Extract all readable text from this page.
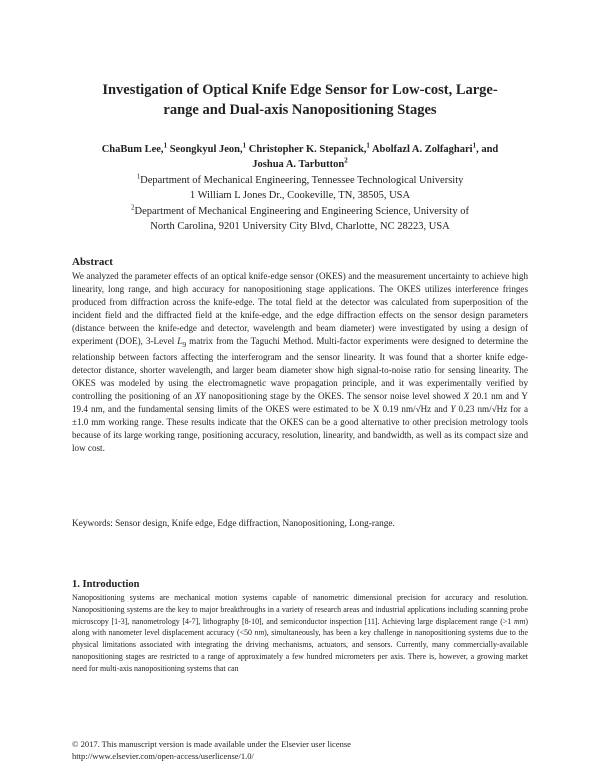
Investigation of Optical Knife Edge Sensor for Low-cost, Large-
range and Dual-axis Nanopositioning Stages
ChaBum Lee,$^1$ Seongkyul Jeon,$^1$ Christopher K. Stepanick,$^1$ Abolfazl A. Zolfaghari$^1$, and
Joshua A. Tarbutton$^2$
$^1$Department of Mechanical Engineering, Tennessee Technological University
1 William L Jones Dr., Cookeville, TN, 38505, USA
$^2$Department of Mechanical Engineering and Engineering Science, University of
North Carolina, 9201 University City Blvd, Charlotte, NC 28223, USA
Abstract

We analyzed the parameter effects of an optical knife-edge sensor (OKES) and the measurement uncertainty to achieve high linearity, long range, and high accuracy for nanopositioning stage applications. The OKES utilizes interference fringes produced from diffraction across the knife-edge. The total field at the detector was calculated from superposition of the incident field and the diffracted field at the knife-edge, and the edge diffraction effects on the sensor design parameters (distance between the knife-edge and detector, wavelength and beam diameter) were investigated by using a design of experiment (DOE), 3-Level $L_9$ matrix from the Taguchi Method. Multi-factor experiments were designed to determine the relationship between factors affecting the interferogram and the sensor linearity. It was found that a shorter knife edge-detector distance, shorter wavelength, and larger beam diameter show high signal-to-noise ratio for sensing linearity. The OKES was modeled by using the electromagnetic wave propagation principle, and it was experimentally verified by controlling the positioning of an XY nanopositioning stage by the OKES. The sensor noise level showed X 20.1 nm and Y 19.4 nm, and the fundamental sensing limits of the OKES were estimated to be X 0.19 nm/√Hz and Y 0.23 nm/√Hz for a ±1.0 mm working range. These results indicate that the OKES can be a good alternative to other precision metrology tools because of its large working range, positioning accuracy, resolution, linearity, and bandwidth, as well as its compact size and low cost.

Keywords: Sensor design, Knife edge, Edge diffraction, Nanopositioning, Long-range.
1. Introduction

Nanopositioning systems are mechanical motion systems capable of nanometric dimensional precision for accuracy and resolution. Nanopositioning systems are the key to major breakthroughs in a variety of research areas and industrial applications including scanning probe microscopy [1-3], nanometrology [4-7], lithography [8-10], and semiconductor inspection [11]. Achieving large displacement range (>1 mm) along with nanometer level displacement accuracy (<50 nm), simultaneously, has been a key challenge in nanopositioning systems due to the physical limitations associated with integrating the driving mechanisms, actuators, and sensors. Currently, many commercially-available nanopositioning stages are restricted to a range of approximately a few hundred micrometers per axis. There is, however, a growing market need for multi-axis nanopositioning systems that can

© 2017. This manuscript version is made available under the Elsevier user license
http://www.elsevier.com/open-access/userlicense/1.0/
